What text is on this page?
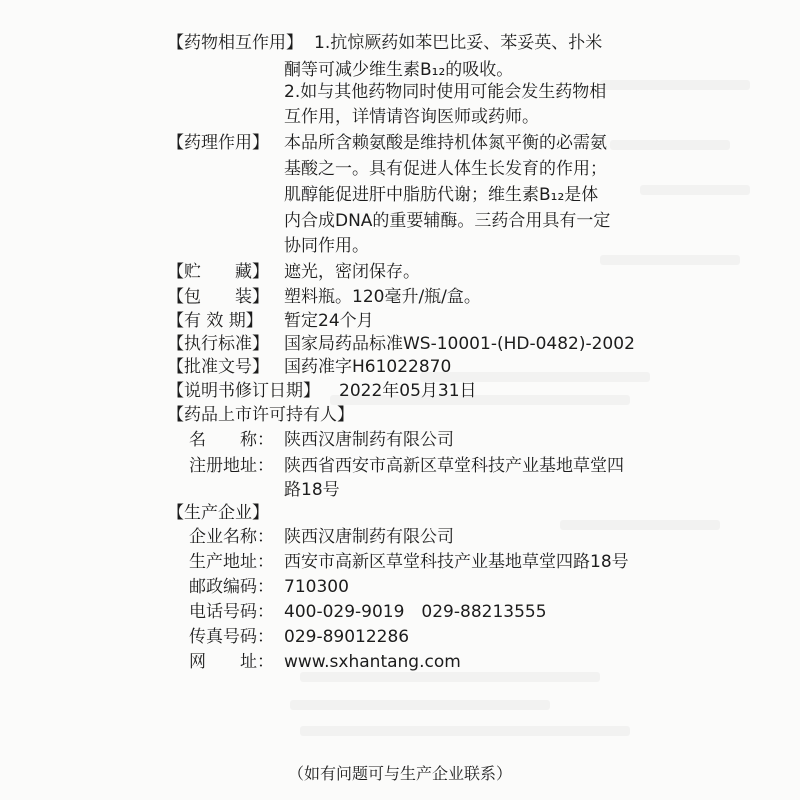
【药物相互作用】 1.抗惊厥药如苯巴比妥、苯妥英、扑米
酮等可减少维生素B₁₂的吸收。
2.如与其他药物同时使用可能会发生药物相
互作用，详情请咨询医师或药师。
【药理作用】 本品所含赖氨酸是维持机体氮平衡的必需氨
基酸之一。具有促进人体生长发育的作用；
肌醇能促进肝中脂肪代谢；维生素B₁₂是体
内合成DNA的重要辅酶。三药合用具有一定
协同作用。
【贮　　藏】 遮光，密闭保存。
【包　　装】 塑料瓶。120毫升/瓶/盒。
【有 效 期】 暂定24个月
【执行标准】 国家局药品标准WS-10001-(HD-0482)-2002
【批准文号】 国药准字H61022870
【说明书修订日期】 2022年05月31日
【药品上市许可持有人】
名　　称： 陕西汉唐制药有限公司
注册地址： 陕西省西安市高新区草堂科技产业基地草堂四
路18号
【生产企业】
企业名称： 陕西汉唐制药有限公司
生产地址： 西安市高新区草堂科技产业基地草堂四路18号
邮政编码： 710300
电话号码： 400-029-9019　029-88213555
传真号码： 029-89012286
网　　址： www.sxhantang.com
（如有问题可与生产企业联系）
